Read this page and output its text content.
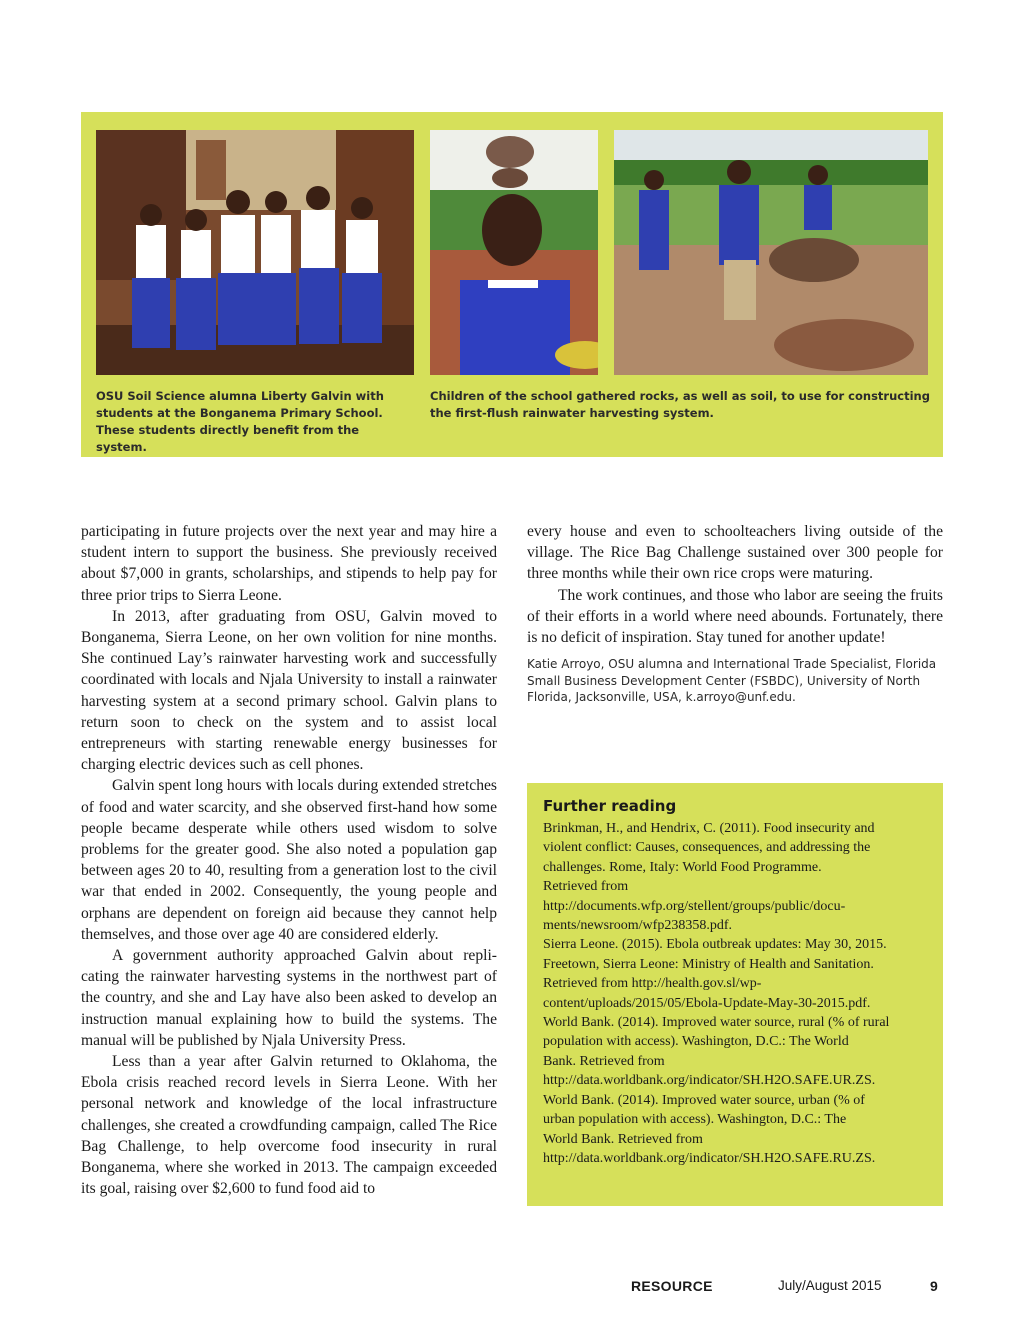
OSU Soil Science alumna Liberty Galvin with students at the Bonganema Primary School. These students directly benefit from the system.
Children of the school gathered rocks, as well as soil, to use for constructing the first-flush rainwater harvesting system.

participating in future projects over the next year and may hire a student intern to support the business. She previously received about $7,000 in grants, scholarships, and stipends to help pay for three prior trips to Sierra Leone.

In 2013, after graduating from OSU, Galvin moved to Bonganema, Sierra Leone, on her own volition for nine months. She continued Lay’s rainwater harvesting work and successfully coordinated with locals and Njala University to install a rainwater harvesting system at a second primary school. Galvin plans to return soon to check on the system and to assist local entrepreneurs with starting renewable energy businesses for charging electric devices such as cell phones.

Galvin spent long hours with locals during extended stretches of food and water scarcity, and she observed first-hand how some people became desperate while others used wisdom to solve problems for the greater good. She also noted a population gap between ages 20 to 40, resulting from a generation lost to the civil war that ended in 2002. Consequently, the young people and orphans are dependent on foreign aid because they cannot help themselves, and those over age 40 are considered elderly.

A government authority approached Galvin about repli-cating the rainwater harvesting systems in the northwest part of the country, and she and Lay have also been asked to develop an instruction manual explaining how to build the systems. The manual will be published by Njala University Press.

Less than a year after Galvin returned to Oklahoma, the Ebola crisis reached record levels in Sierra Leone. With her personal network and knowledge of the local infrastructure challenges, she created a crowdfunding campaign, called The Rice Bag Challenge, to help overcome food insecurity in rural Bonganema, where she worked in 2013. The campaign exceeded its goal, raising over $2,600 to fund food aid to

every house and even to schoolteachers living outside of the village. The Rice Bag Challenge sustained over 300 people for three months while their own rice crops were maturing.

The work continues, and those who labor are seeing the fruits of their efforts in a world where need abounds. Fortunately, there is no deficit of inspiration. Stay tuned for another update!

Katie Arroyo, OSU alumna and International Trade Specialist, Florida Small Business Development Center (FSBDC), University of North Florida, Jacksonville, USA, k.arroyo@unf.edu.

Further reading
Brinkman, H., and Hendrix, C. (2011). Food insecurity and
violent conflict: Causes, consequences, and addressing the
challenges. Rome, Italy: World Food Programme.
Retrieved from
http://documents.wfp.org/stellent/groups/public/docu-
ments/newsroom/wfp238358.pdf.
Sierra Leone. (2015). Ebola outbreak updates: May 30, 2015.
Freetown, Sierra Leone: Ministry of Health and Sanitation.
Retrieved from http://health.gov.sl/wp-
content/uploads/2015/05/Ebola-Update-May-30-2015.pdf.
World Bank. (2014). Improved water source, rural (% of rural
population with access). Washington, D.C.: The World
Bank. Retrieved from
http://data.worldbank.org/indicator/SH.H2O.SAFE.UR.ZS.
World Bank. (2014). Improved water source, urban (% of
urban population with access). Washington, D.C.: The
World Bank. Retrieved from
http://data.worldbank.org/indicator/SH.H2O.SAFE.RU.ZS.
RESOURCE	July/August 2015	9
